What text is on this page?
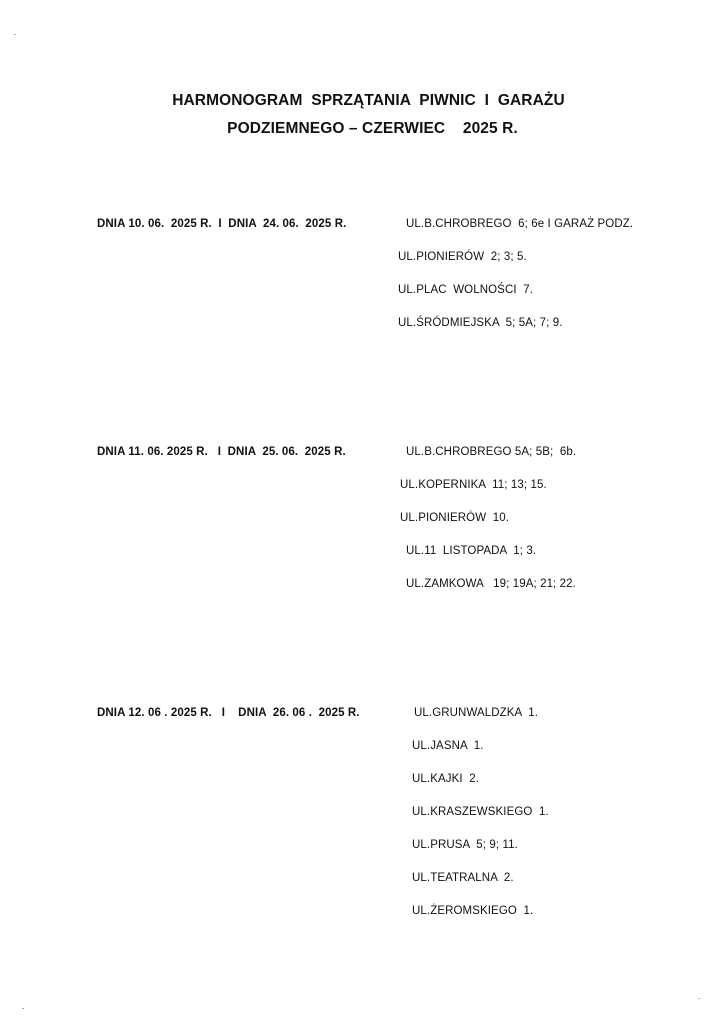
HARMONOGRAM  SPRZĄTANIA  PIWNIC  I  GARAŻU
PODZIEMNEGO – CZERWIEC    2025 R.
DNIA 10. 06.  2025 R.  I  DNIA  24. 06.  2025 R.	UL.B.CHROBREGO  6; 6e I GARAŻ PODZ.
UL.PIONIERÓW  2; 3; 5.
UL.PLAC  WOLNOŚCI  7.
UL.ŚRÓDMIEJSKA  5; 5A; 7; 9.
DNIA 11. 06. 2025 R.   I  DNIA  25. 06.  2025 R.	UL.B.CHROBREGO 5A; 5B;  6b.
UL.KOPERNIKA  11; 13; 15.
UL.PIONIERÓW  10.
UL.11  LISTOPADA  1; 3.
UL.ZAMKOWA   19; 19A; 21; 22.
DNIA 12. 06 . 2025 R.   I    DNIA  26. 06 .  2025 R.	UL.GRUNWALDZKA  1.
UL.JASNA  1.
UL.KAJKI  2.
UL.KRASZEWSKIEGO  1.
UL.PRUSA  5; 9; 11.
UL.TEATRALNA  2.
UL.ŻEROMSKIEGO  1.
